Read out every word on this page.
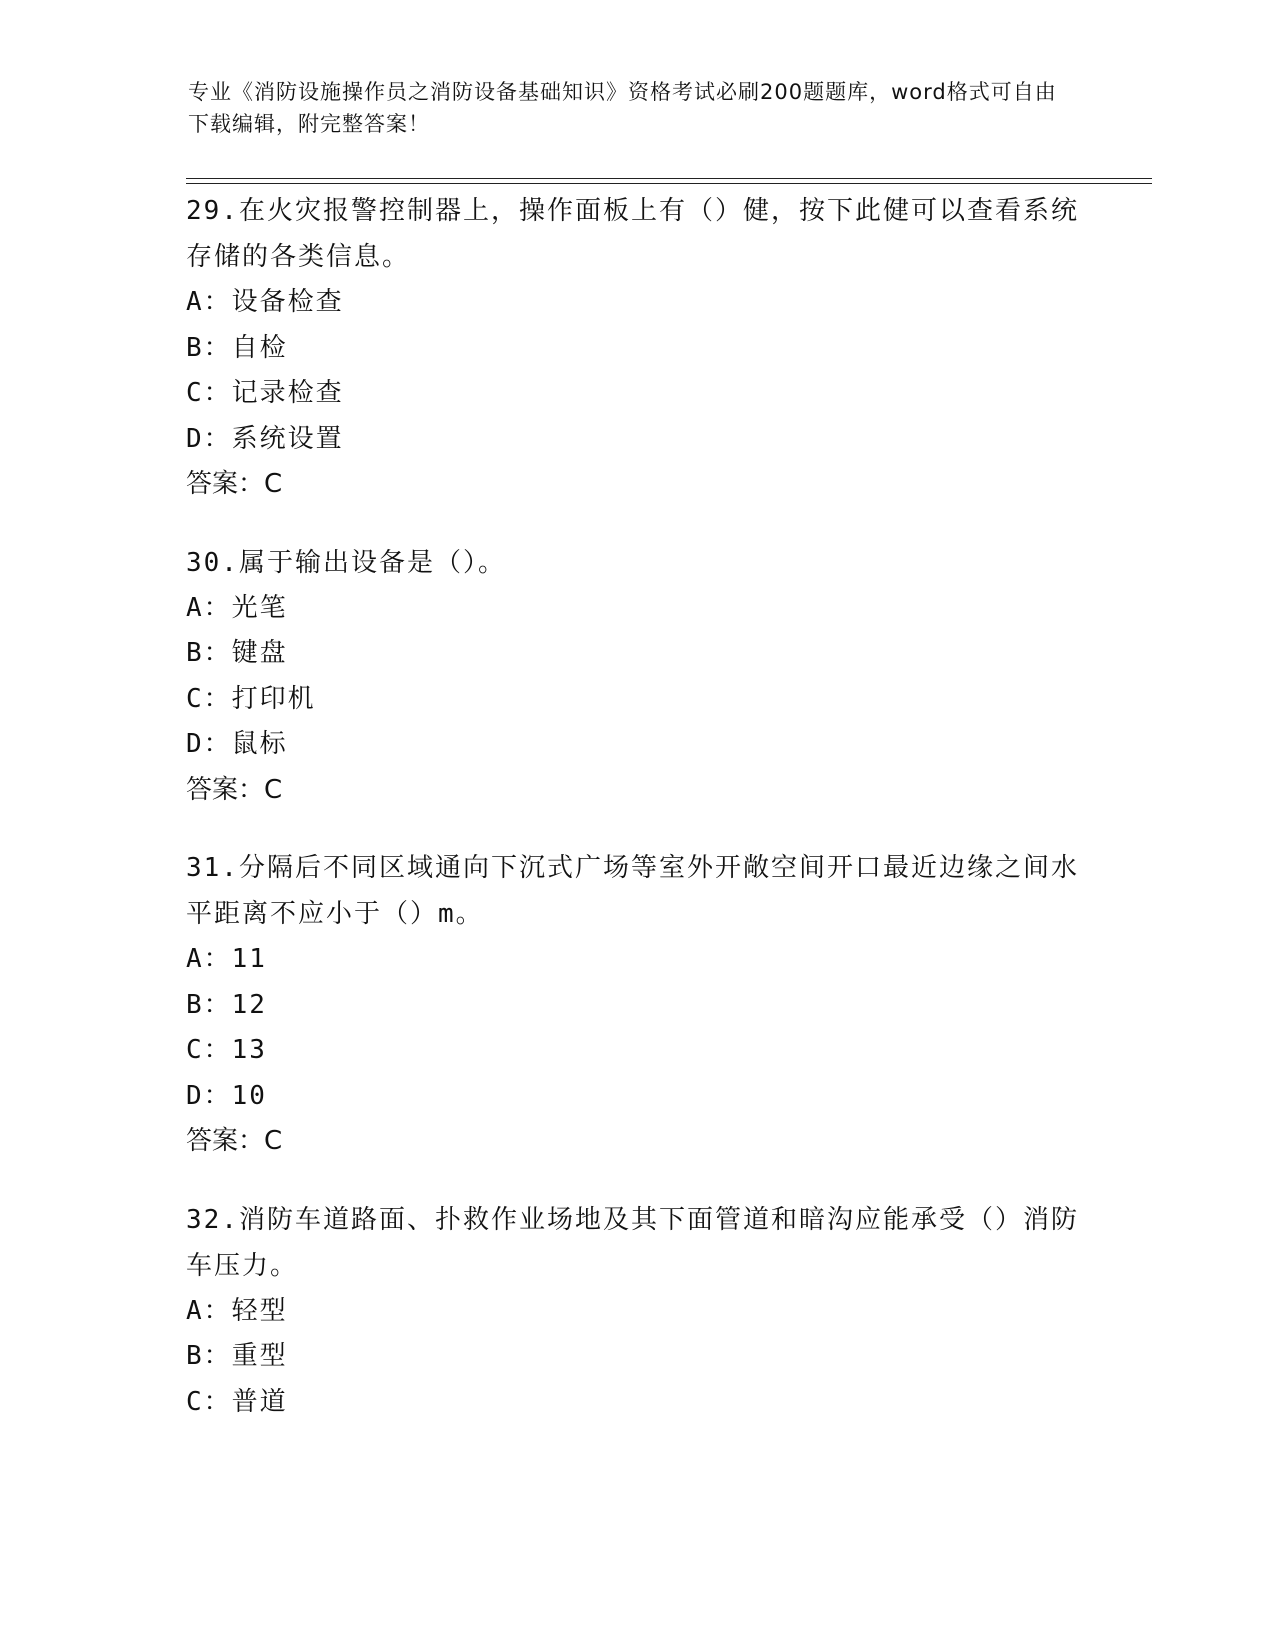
专业《消防设施操作员之消防设备基础知识》资格考试必刷200题题库，word格式可自由下载编辑，附完整答案！
29.在火灾报警控制器上，操作面板上有（）健，按下此健可以查看系统存储的各类信息。
A：设备检查
B：自检
C：记录检查
D：系统设置
答案：C
30.属于输出设备是（）。
A：光笔
B：键盘
C：打印机
D：鼠标
答案：C
31.分隔后不同区域通向下沉式广场等室外开敞空间开口最近边缘之间水平距离不应小于（）m。
A：11
B：12
C：13
D：10
答案：C
32.消防车道路面、扑救作业场地及其下面管道和暗沟应能承受（）消防车压力。
A：轻型
B：重型
C：普道
